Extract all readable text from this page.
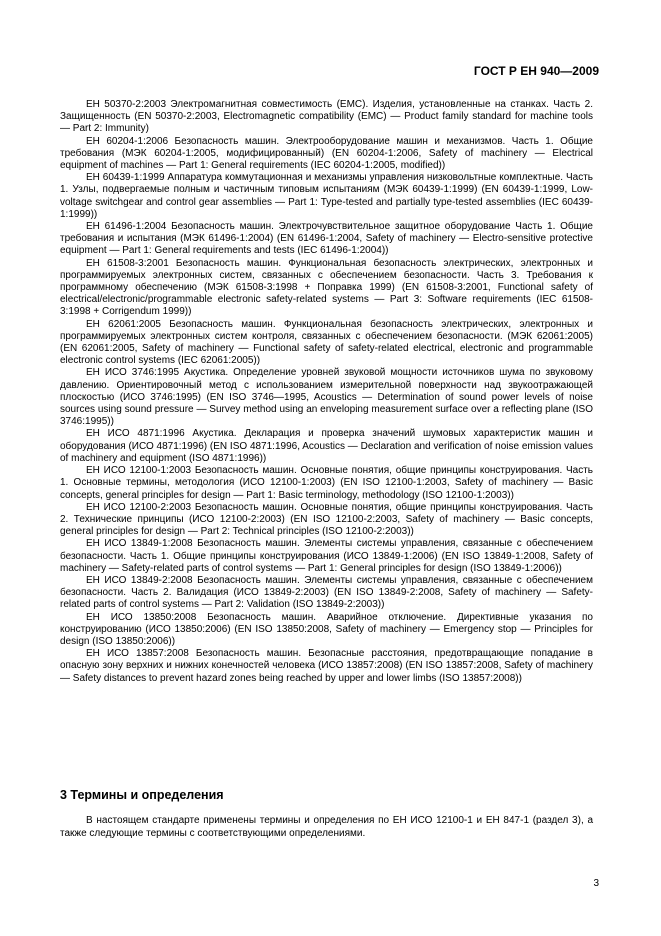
ГОСТ Р ЕН 940—2009

ЕН 50370-2:2003 Электромагнитная совместимость (ЕМС). Изделия, установленные на станках. Часть 2. Защищенность (EN 50370-2:2003, Electromagnetic compatibility (EMC) — Product family standard for machine tools — Part 2: Immunity)

ЕН 60204-1:2006 Безопасность машин. Электрооборудование машин и механизмов. Часть 1. Общие требования (МЭК 60204-1:2005, модифицированный) (EN 60204-1:2006, Safety of machinery — Electrical equipment of machines — Part 1: General requirements (IEC 60204-1:2005, modified))

ЕН 60439-1:1999 Аппаратура коммутационная и механизмы управления низковольтные комплектные. Часть 1. Узлы, подвергаемые полным и частичным типовым испытаниям (МЭК 60439-1:1999) (EN 60439-1:1999, Low-voltage switchgear and control gear assemblies — Part 1: Type-tested and partially type-tested assemblies (IEC 60439-1:1999))

ЕН 61496-1:2004 Безопасность машин. Электрочувствительное защитное оборудование Часть 1. Общие требования и испытания (МЭК 61496-1:2004) (EN 61496-1:2004, Safety of machinery — Electro-sensitive protective equipment — Part 1: General requirements and tests (IEC 61496-1:2004))

ЕН 61508-3:2001 Безопасность машин. Функциональная безопасность электрических, электронных и программируемых электронных систем, связанных с обеспечением безопасности. Часть 3. Требования к программному обеспечению (МЭК 61508-3:1998 + Поправка 1999) (EN 61508-3:2001, Functional safety of electrical/electronic/programmable electronic safety-related systems — Part 3: Software requirements (IEC 61508-3:1998 + Corrigendum 1999))

ЕН 62061:2005 Безопасность машин. Функциональная безопасность электрических, электронных и программируемых электронных систем контроля, связанных с обеспечением безопасности. (МЭК 62061:2005) (EN 62061:2005, Safety of machinery — Functional safety of safety-related electrical, electronic and programmable electronic control systems (IEC 62061:2005))

ЕН ИСО 3746:1995 Акустика. Определение уровней звуковой мощности источников шума по звуковому давлению. Ориентировочный метод с использованием измерительной поверхности над звукоотражающей плоскостью (ИСО 3746:1995) (EN ISO 3746—1995, Acoustics — Determination of sound power levels of noise sources using sound pressure — Survey method using an enveloping measurement surface over a reflecting plane (ISO 3746:1995))

ЕН ИСО 4871:1996 Акустика. Декларация и проверка значений шумовых характеристик машин и оборудования (ИСО 4871:1996) (EN ISO 4871:1996, Acoustics — Declaration and verification of noise emission values of machinery and equipment (ISO 4871:1996))

ЕН ИСО 12100-1:2003 Безопасность машин. Основные понятия, общие принципы конструирования. Часть 1. Основные термины, методология (ИСО 12100-1:2003) (EN ISO 12100-1:2003, Safety of machinery — Basic concepts, general principles for design — Part 1: Basic terminology, methodology (ISO 12100-1:2003))

ЕН ИСО 12100-2:2003 Безопасность машин. Основные понятия, общие принципы конструирования. Часть 2. Технические принципы (ИСО 12100-2:2003) (EN ISO 12100-2:2003, Safety of machinery — Basic concepts, general principles for design — Part 2: Technical principles (ISO 12100-2:2003))

ЕН ИСО 13849-1:2008 Безопасность машин. Элементы системы управления, связанные с обеспечением безопасности. Часть 1. Общие принципы конструирования (ИСО 13849-1:2006) (EN ISO 13849-1:2008, Safety of machinery — Safety-related parts of control systems — Part 1: General principles for design (ISO 13849-1:2006))

ЕН ИСО 13849-2:2008 Безопасность машин. Элементы системы управления, связанные с обеспечением безопасности. Часть 2. Валидация (ИСО 13849-2:2003) (EN ISO 13849-2:2008, Safety of machinery — Safety-related parts of control systems — Part 2: Validation (ISO 13849-2:2003))

ЕН ИСО 13850:2008 Безопасность машин. Аварийное отключение. Директивные указания по конструированию (ИСО 13850:2006) (EN ISO 13850:2008, Safety of machinery — Emergency stop — Principles for design (ISO 13850:2006))

ЕН ИСО 13857:2008 Безопасность машин. Безопасные расстояния, предотвращающие попадание в опасную зону верхних и нижних конечностей человека (ИСО 13857:2008) (EN ISO 13857:2008, Safety of machinery — Safety distances to prevent hazard zones being reached by upper and lower limbs (ISO 13857:2008))

3 Термины и определения

В настоящем стандарте применены термины и определения по ЕН ИСО 12100-1 и ЕН 847-1 (раздел 3), а также следующие термины с соответствующими определениями.

3
